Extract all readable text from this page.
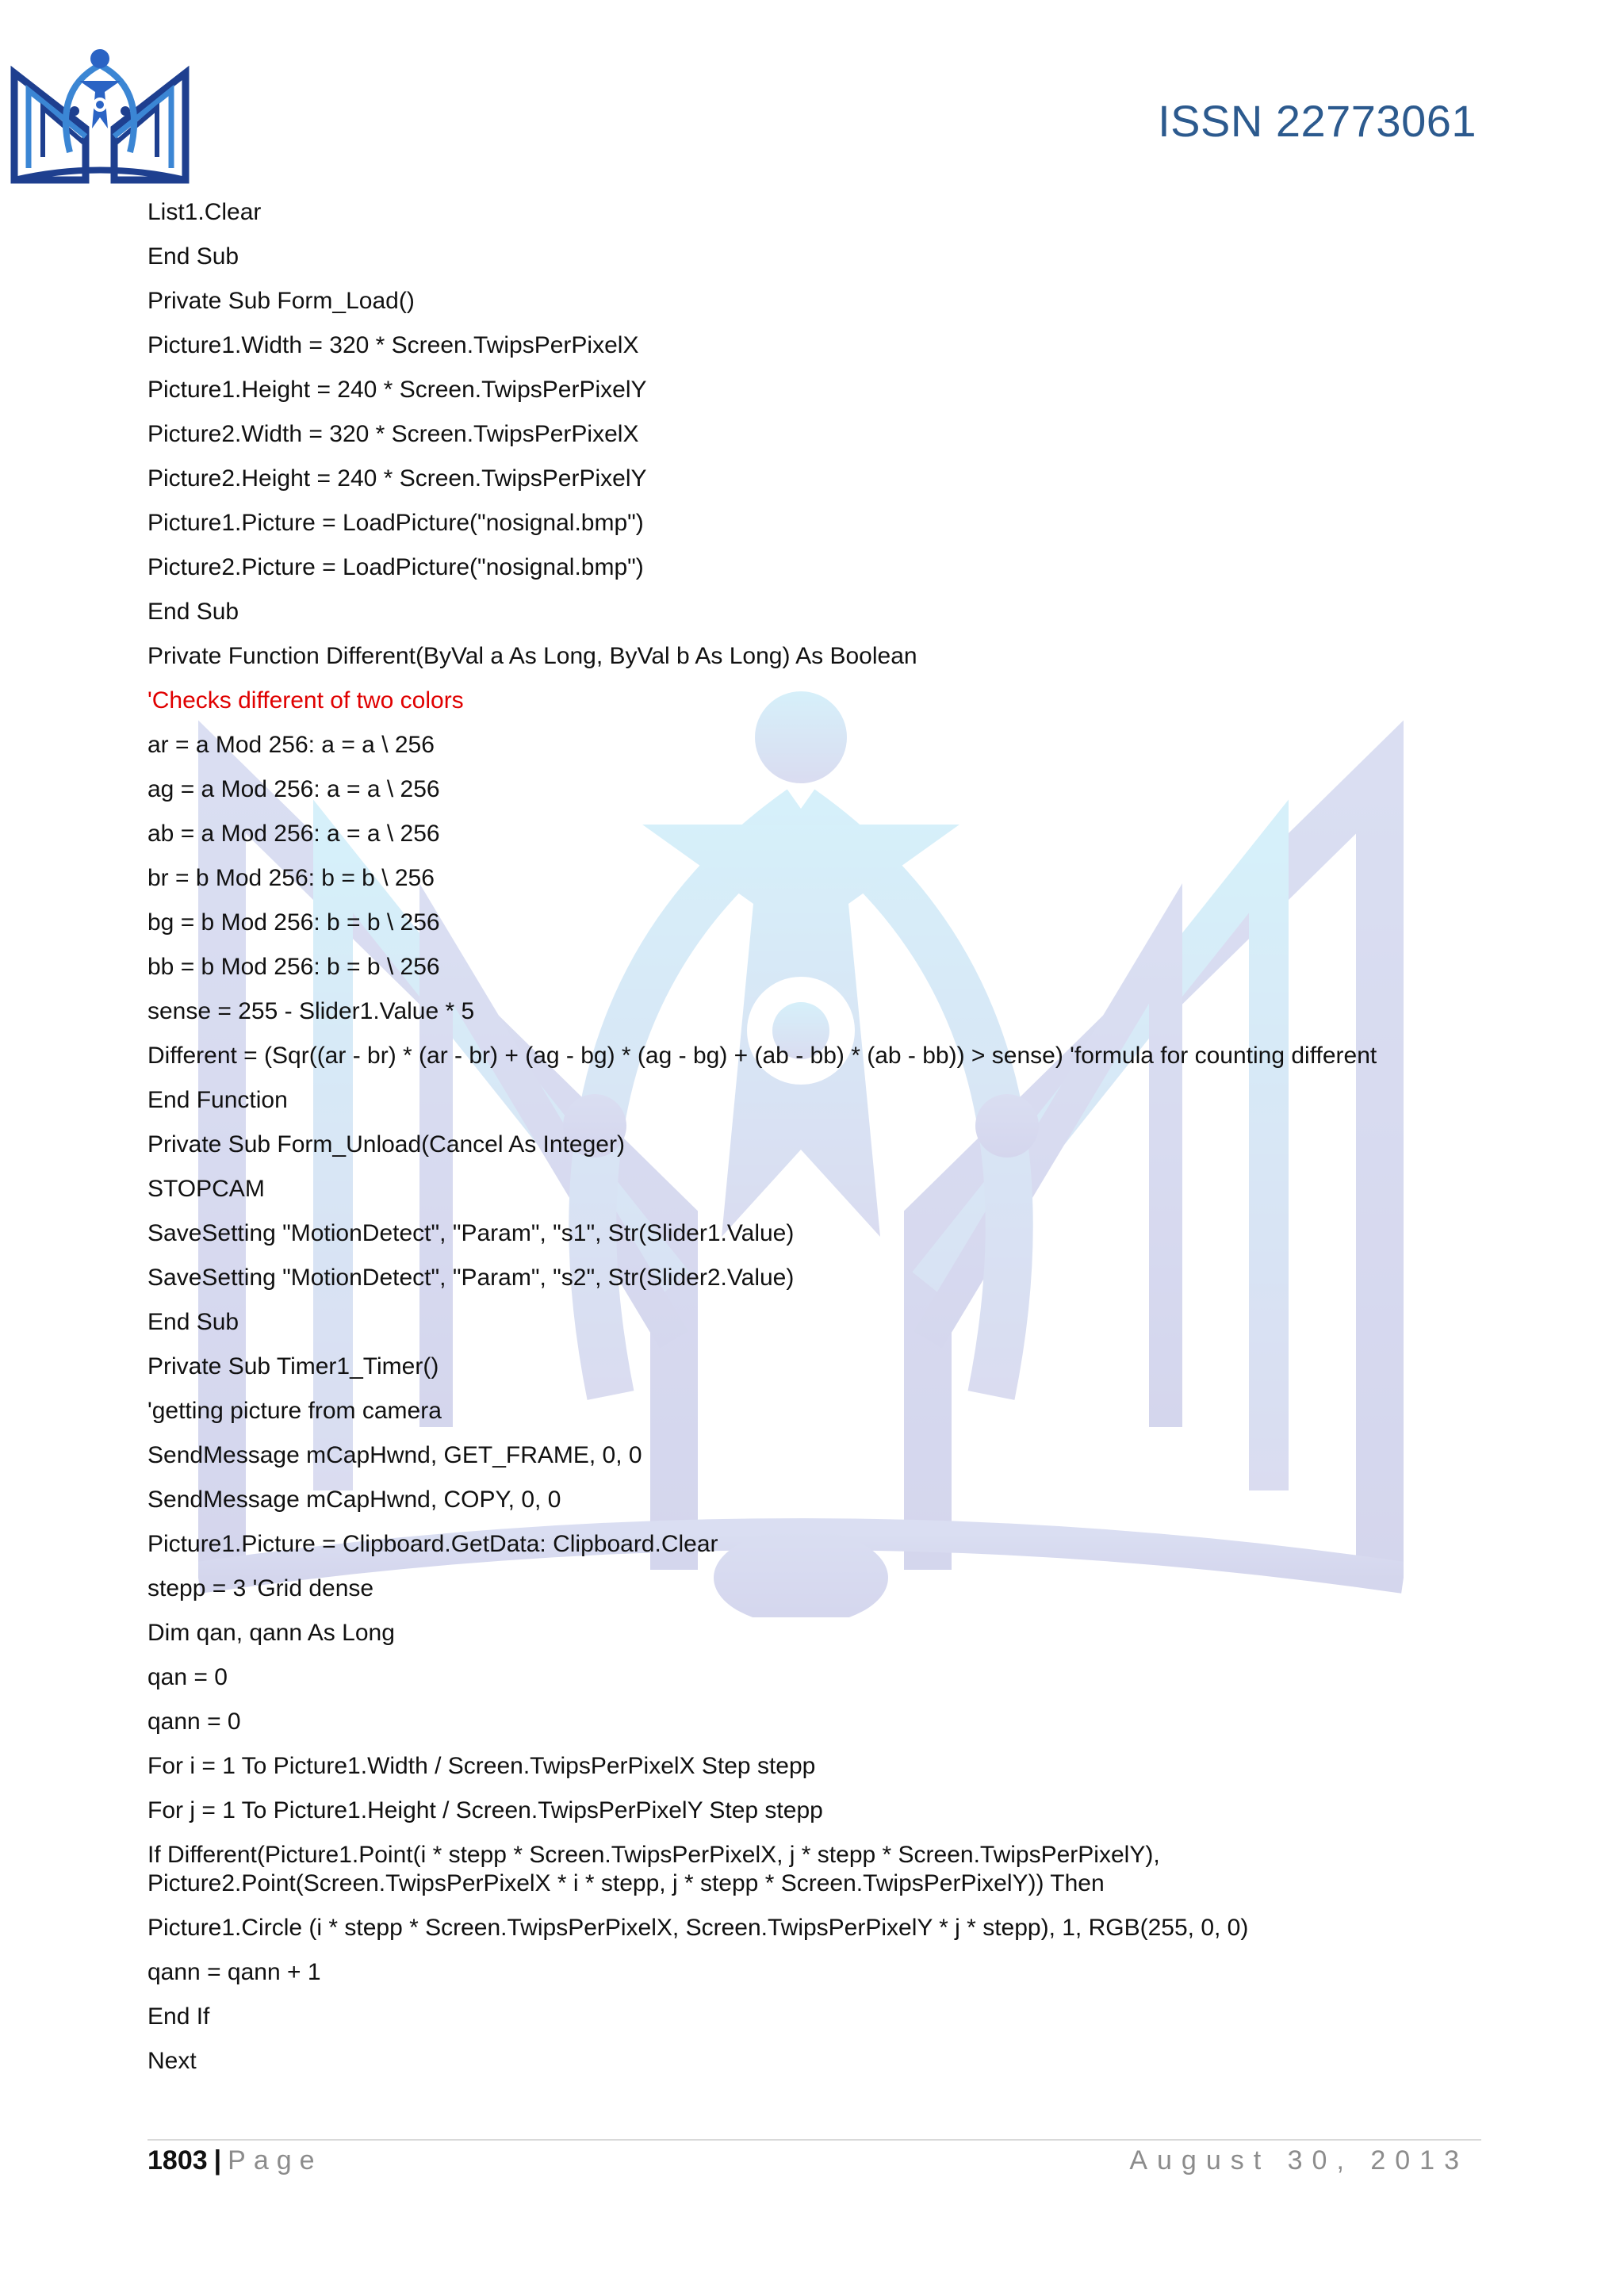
ISSN 22773061
List1.Clear
End Sub
Private Sub Form_Load()
Picture1.Width = 320 * Screen.TwipsPerPixelX
Picture1.Height = 240 * Screen.TwipsPerPixelY
Picture2.Width = 320 * Screen.TwipsPerPixelX
Picture2.Height = 240 * Screen.TwipsPerPixelY
Picture1.Picture = LoadPicture("nosignal.bmp")
Picture2.Picture = LoadPicture("nosignal.bmp")
End Sub
Private Function Different(ByVal a As Long, ByVal b As Long) As Boolean
'Checks different of two colors
ar = a Mod 256: a = a \ 256
ag = a Mod 256: a = a \ 256
ab = a Mod 256: a = a \ 256
br = b Mod 256: b = b \ 256
bg = b Mod 256: b = b \ 256
bb = b Mod 256: b = b \ 256
sense = 255 - Slider1.Value * 5
Different = (Sqr((ar - br) * (ar - br) + (ag - bg) * (ag - bg) + (ab - bb) * (ab - bb)) > sense) 'formula for counting different
End Function
Private Sub Form_Unload(Cancel As Integer)
STOPCAM
SaveSetting "MotionDetect", "Param", "s1", Str(Slider1.Value)
SaveSetting "MotionDetect", "Param", "s2", Str(Slider2.Value)
End Sub
Private Sub Timer1_Timer()
'getting picture from camera
SendMessage mCapHwnd, GET_FRAME, 0, 0
SendMessage mCapHwnd, COPY, 0, 0
Picture1.Picture = Clipboard.GetData: Clipboard.Clear
stepp = 3 'Grid dense
Dim qan, qann As Long
qan = 0
qann = 0
For i = 1 To Picture1.Width / Screen.TwipsPerPixelX Step stepp
For j = 1 To Picture1.Height / Screen.TwipsPerPixelY Step stepp
If Different(Picture1.Point(i * stepp * Screen.TwipsPerPixelX, j * stepp * Screen.TwipsPerPixelY),
Picture2.Point(Screen.TwipsPerPixelX * i * stepp, j * stepp * Screen.TwipsPerPixelY)) Then
Picture1.Circle (i * stepp * Screen.TwipsPerPixelX, Screen.TwipsPerPixelY * j * stepp), 1, RGB(255, 0, 0)
qann = qann + 1
End If
Next
1803 | Page	August 30, 2013
